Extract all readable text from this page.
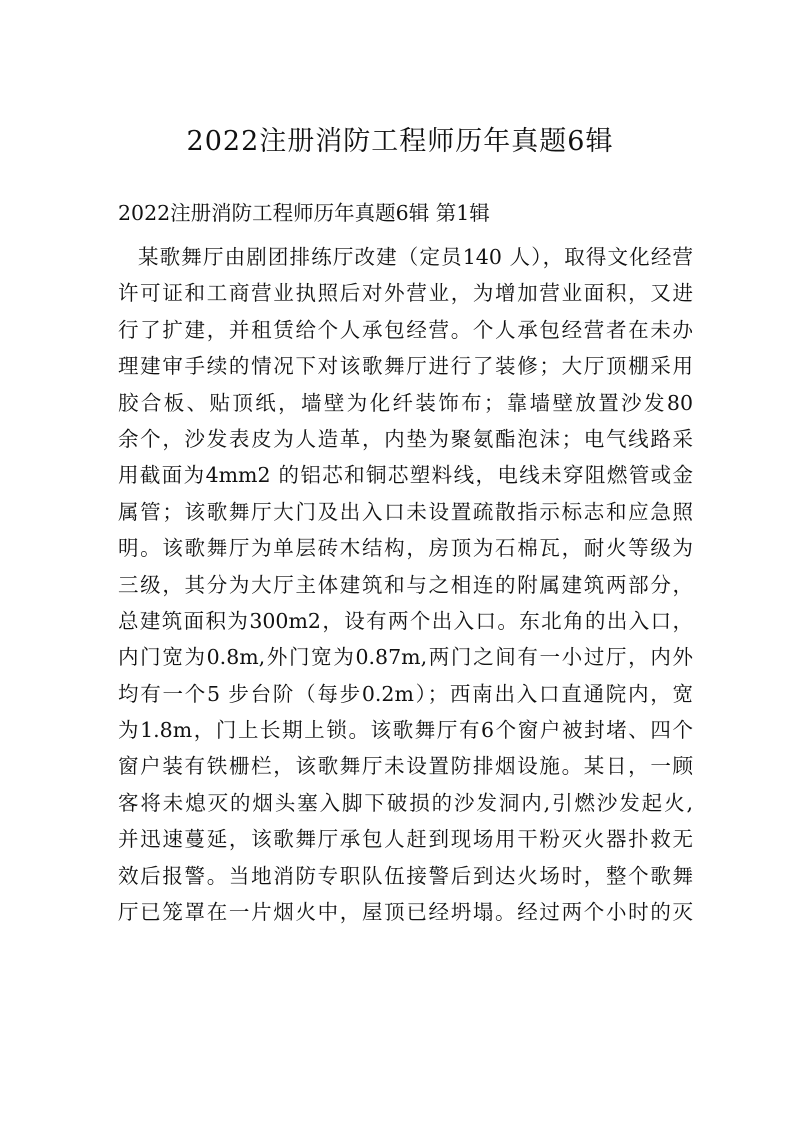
2022注册消防工程师历年真题6辑
2022注册消防工程师历年真题6辑 第1辑
某歌舞厅由剧团排练厅改建（定员140 人），取得文化经营
许可证和工商营业执照后对外营业，为增加营业面积，又进
行了扩建，并租赁给个人承包经营。个人承包经营者在未办
理建审手续的情况下对该歌舞厅进行了装修；大厅顶棚采用
胶合板、贴顶纸，墙壁为化纤装饰布；靠墙壁放置沙发80
余个，沙发表皮为人造革，内垫为聚氨酯泡沫；电气线路采
用截面为4mm2 的铝芯和铜芯塑料线，电线未穿阻燃管或金
属管；该歌舞厅大门及出入口未设置疏散指示标志和应急照
明。该歌舞厅为单层砖木结构，房顶为石棉瓦，耐火等级为
三级，其分为大厅主体建筑和与之相连的附属建筑两部分，
总建筑面积为300m2，设有两个出入口。东北角的出入口，
内门宽为0.8m,外门宽为0.87m,两门之间有一小过厅，内外
均有一个5 步台阶（每步0.2m）；西南出入口直通院内，宽
为1.8m，门上长期上锁。该歌舞厅有6个窗户被封堵、四个
窗户装有铁栅栏，该歌舞厅未设置防排烟设施。某日，一顾
客将未熄灭的烟头塞入脚下破损的沙发洞内,引燃沙发起火,
并迅速蔓延，该歌舞厅承包人赶到现场用干粉灭火器扑救无
效后报警。当地消防专职队伍接警后到达火场时，整个歌舞
厅已笼罩在一片烟火中，屋顶已经坍塌。经过两个小时的灭
